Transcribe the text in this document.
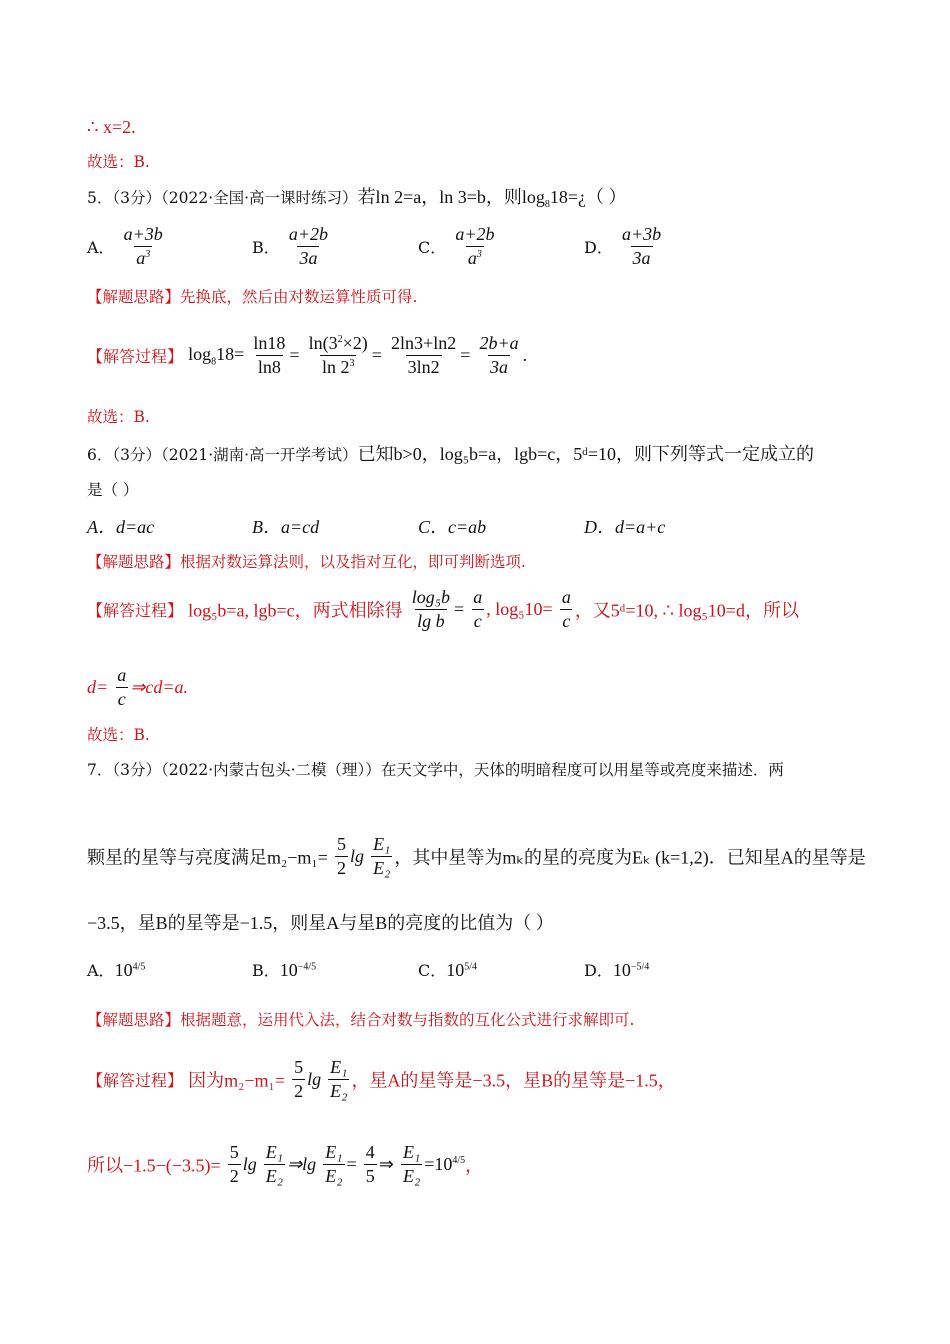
∴ x=2.
故选：B.
5．（3分）（2022·全国·高一课时练习）若ln 2=a，ln 3=b，则$\log_818=¿$（ ）
A． $\frac{a+3b}{a^3}$	B． $\frac{a+2b}{3a}$	C． $\frac{a+2b}{a^3}$	D． $\frac{a+3b}{3a}$
【解题思路】先换底，然后由对数运算性质可得.
【解答过程】 $\log_818= \frac{\ln 18}{\ln 8} = \frac{\ln(3^2\times 2)}{\ln 2^3} = \frac{2\ln 3+\ln 2}{3\ln 2} = \frac{2b+a}{3a}$ .
故选：B.
6．（3分）（2021·湖南·高一开学考试）已知b>0，log₅b=a，lgb=c，5ᵈ=10，则下列等式一定成立的
是（ ）
A．d=ac	B．a=cd	C．c=ab	D．d=a+c
【解题思路】根据对数运算法则，以及指对互化，即可判断选项.
【解答过程】 log₅b=a, lgb=c，两式相除得 $\frac{\text{log₅b}}{\text{lg b}} = \frac{a}{c}$ , $\log_510= \frac{a}{c}$ ，又5ᵈ=10, ∴ log₅10=d，所以
$d= \frac{a}{c}$ ⇒cd=a.
故选：B.
7．（3分）（2022·内蒙古包头·二模（理））在天文学中，天体的明暗程度可以用星等或亮度来描述．两
颗星的星等与亮度满足$m_2-m_1= \frac{5}{2}$ $\lg \frac{\text{E₁}}{\text{E₂}}$ ，其中星等为mₖ的星的亮度为Eₖ (k=1,2)．已知星A的星等是
−3.5，星B的星等是−1.5，则星A与星B的亮度的比值为（ ）
A．$10^{4/5}$	B．$10^{-4/5}$	C．$10^{5/4}$	D．$10^{-5/4}$
【解题思路】根据题意，运用代入法，结合对数与指数的互化公式进行求解即可.
【解答过程】 因为$m_2-m_1= \frac{5}{2}$ $\lg \frac{\text{E₁}}{\text{E₂}}$ ，星A的星等是−3.5，星B的星等是−1.5，
所以$-1.5-(-3.5)= \frac{5}{2}$ $\lg \frac{\text{E₁}}{\text{E₂}}$ ⇒lg $\frac{\text{E₁}}{\text{E₂}} = \frac{4}{5}$ ⇒ $\frac{\text{E₁}}{\text{E₂}} =10^{4/5}$，
